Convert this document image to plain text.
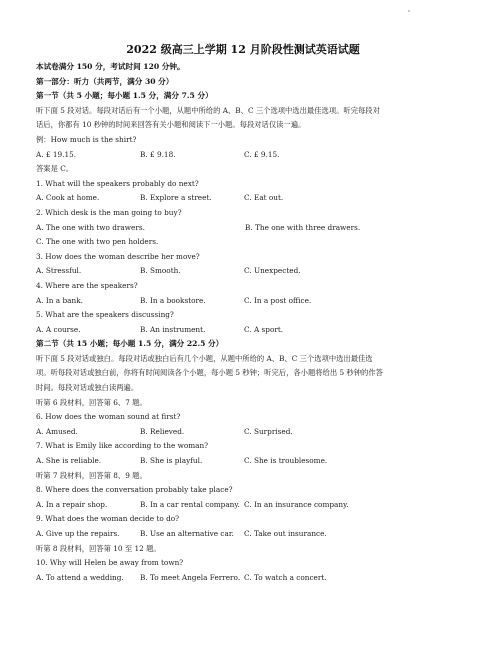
2022 级高三上学期 12 月阶段性测试英语试题
本试卷满分 150 分，考试时间 120 分钟。
第一部分：听力（共两节，满分 30 分）
第一节（共 5 小题；每小题 1.5 分，满分 7.5 分）
听下面 5 段对话。每段对话后有一个小题，从题中所给的 A、B、C 三个选项中选出最佳选项。听完每段对
话后，你都有 10 秒钟的时间来回答有关小题和阅读下一小题。每段对话仅读一遍。
例：How much is the shirt?
A. £ 19.15.	B. £ 9.18.	C. £ 9.15.
答案是 C。
1. What will the speakers probably do next?
A. Cook at home.	B. Explore a street.	C. Eat out.
2. Which desk is the man going to buy?
A. The one with two drawers.	B. The one with three drawers.
C. The one with two pen holders.
3. How does the woman describe her move?
A. Stressful.	B. Smooth.	C. Unexpected.
4. Where are the speakers?
A. In a bank.	B. In a bookstore.	C. In a post office.
5. What are the speakers discussing?
A. A course.	B. An instrument.	C. A sport.
第二节（共 15 小题；每小题 1.5 分，满分 22.5 分）
听下面 5 段对话或独白。每段对话或独白后有几个小题，从题中所给的 A、B、C 三个选项中选出最佳选
项。听每段对话或独白前，你将有时间阅读各个小题，每小题 5 秒钟；听完后，各小题将给出 5 秒钟的作答
时间。每段对话或独白读两遍。
听第 6 段材料，回答第 6、7 题。
6. How does the woman sound at first?
A. Amused.	B. Relieved.	C. Surprised.
7. What is Emily like according to the woman?
A. She is reliable.	B. She is playful.	C. She is troublesome.
听第 7 段材料，回答第 8、9 题。
8. Where does the conversation probably take place?
A. In a repair shop.	B. In a car rental company. C. In an insurance company.
9. What does the woman decide to do?
A. Give up the repairs.	B. Use an alternative car.	C. Take out insurance.
听第 8 段材料，回答第 10 至 12 题。
10. Why will Helen be away from town?
A. To attend a wedding.	B. To meet Angela Ferrero. C. To watch a concert.
